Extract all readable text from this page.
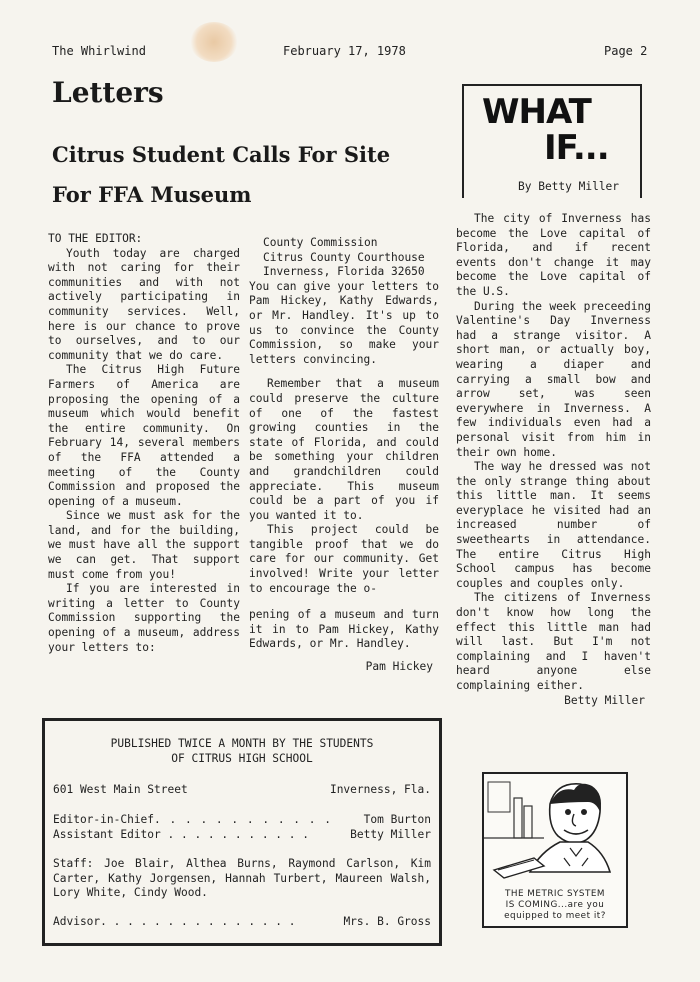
The Whirlwind	February 17, 1978	Page 2
Letters
Citrus Student Calls For Site
For FFA Museum

TO THE EDITOR:

Youth today are charged with not caring for their communities and with not actively participating in community services. Well, here is our chance to prove to ourselves, and to our community that we do care.

The Citrus High Future Farmers of America are proposing the opening of a museum which would benefit the entire community. On February 14, several members of the FFA attended a meeting of the County Commission and proposed the opening of a museum.

Since we must ask for the land, and for the building, we must have all the support we can get. That support must come from you!

If you are interested in writing a letter to County Commission supporting the opening of a museum, address your letters to:

County Commission
Citrus County Courthouse
Inverness, Florida 32650

You can give your letters to Pam Hickey, Kathy Edwards, or Mr. Handley. It's up to us to convince the County Commission, so make your letters convincing.

Remember that a museum could preserve the culture of one of the fastest growing counties in the state of Florida, and could be something your children and grandchildren could appreciate. This museum could be a part of you if you wanted it to.

This project could be tangible proof that we do care for our community. Get involved! Write your letter to encourage the o-

pening of a museum and turn it in to Pam Hickey, Kathy Edwards, or Mr. Handley.

Pam Hickey

WHAT
IF...
By Betty Miller

The city of Inverness has become the Love capital of Florida, and if recent events don't change it may become the Love capital of the U.S.

During the week preceeding Valentine's Day Inverness had a strange visitor. A short man, or actually boy, wearing a diaper and carrying a small bow and arrow set, was seen everywhere in Inverness. A few individuals even had a personal visit from him in their own home.

The way he dressed was not the only strange thing about this little man. It seems everyplace he visited had an increased number of sweethearts in attendance. The entire Citrus High School campus has become couples and couples only.

The citizens of Inverness don't know how long the effect this little man had will last. But I'm not complaining and I haven't heard anyone else complaining either.

Betty Miller

PUBLISHED TWICE A MONTH BY THE STUDENTS
OF CITRUS HIGH SCHOOL
601 West Main Street	Inverness, Fla.
Editor-in-Chief. . . . . . . . . . . .	Tom Burton
Assistant Editor . . . . . . . . . . .	Betty Miller
Staff: Joe Blair, Althea Burns, Raymond Carlson, Kim Carter, Kathy Jorgensen, Hannah Turbert, Maureen Walsh, Lory White, Cindy Wood.
Advisor. . . . . . . . . . . . . . .	Mrs. B. Gross
THE METRIC SYSTEM
IS COMING...are you
equipped to meet it?
